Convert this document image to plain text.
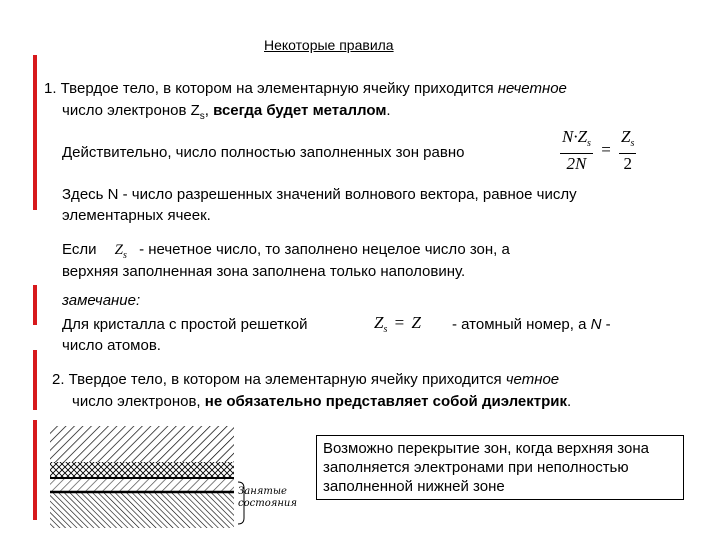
Некоторые правила
1. Твердое тело, в котором на элементарную ячейку приходится нечетное
число электронов $Z_s$, всегда будет металлом.
Действительно, число полностью заполненных зон равно	$\frac{N\cdot Z_s}{2N} = \frac{Z_s}{2}$
Здесь N - число разрешенных значений волнового вектора, равное числу
элементарных ячеек.
Если $Z_s$ - нечетное число, то заполнено нецелое число зон, а
верхняя заполненная зона заполнена только наполовину.
замечание:
Для кристалла с простой решеткой	$Z_s = Z$ - атомный номер, а N -
число атомов.
2. Твердое тело, в котором на элементарную ячейку приходится четное
число электронов, не обязательно представляет собой диэлектрик.
Занятые
состояния
Возможно перекрытие зон, когда верхняя зона заполняется электронами при неполностью заполненной нижней зоне
